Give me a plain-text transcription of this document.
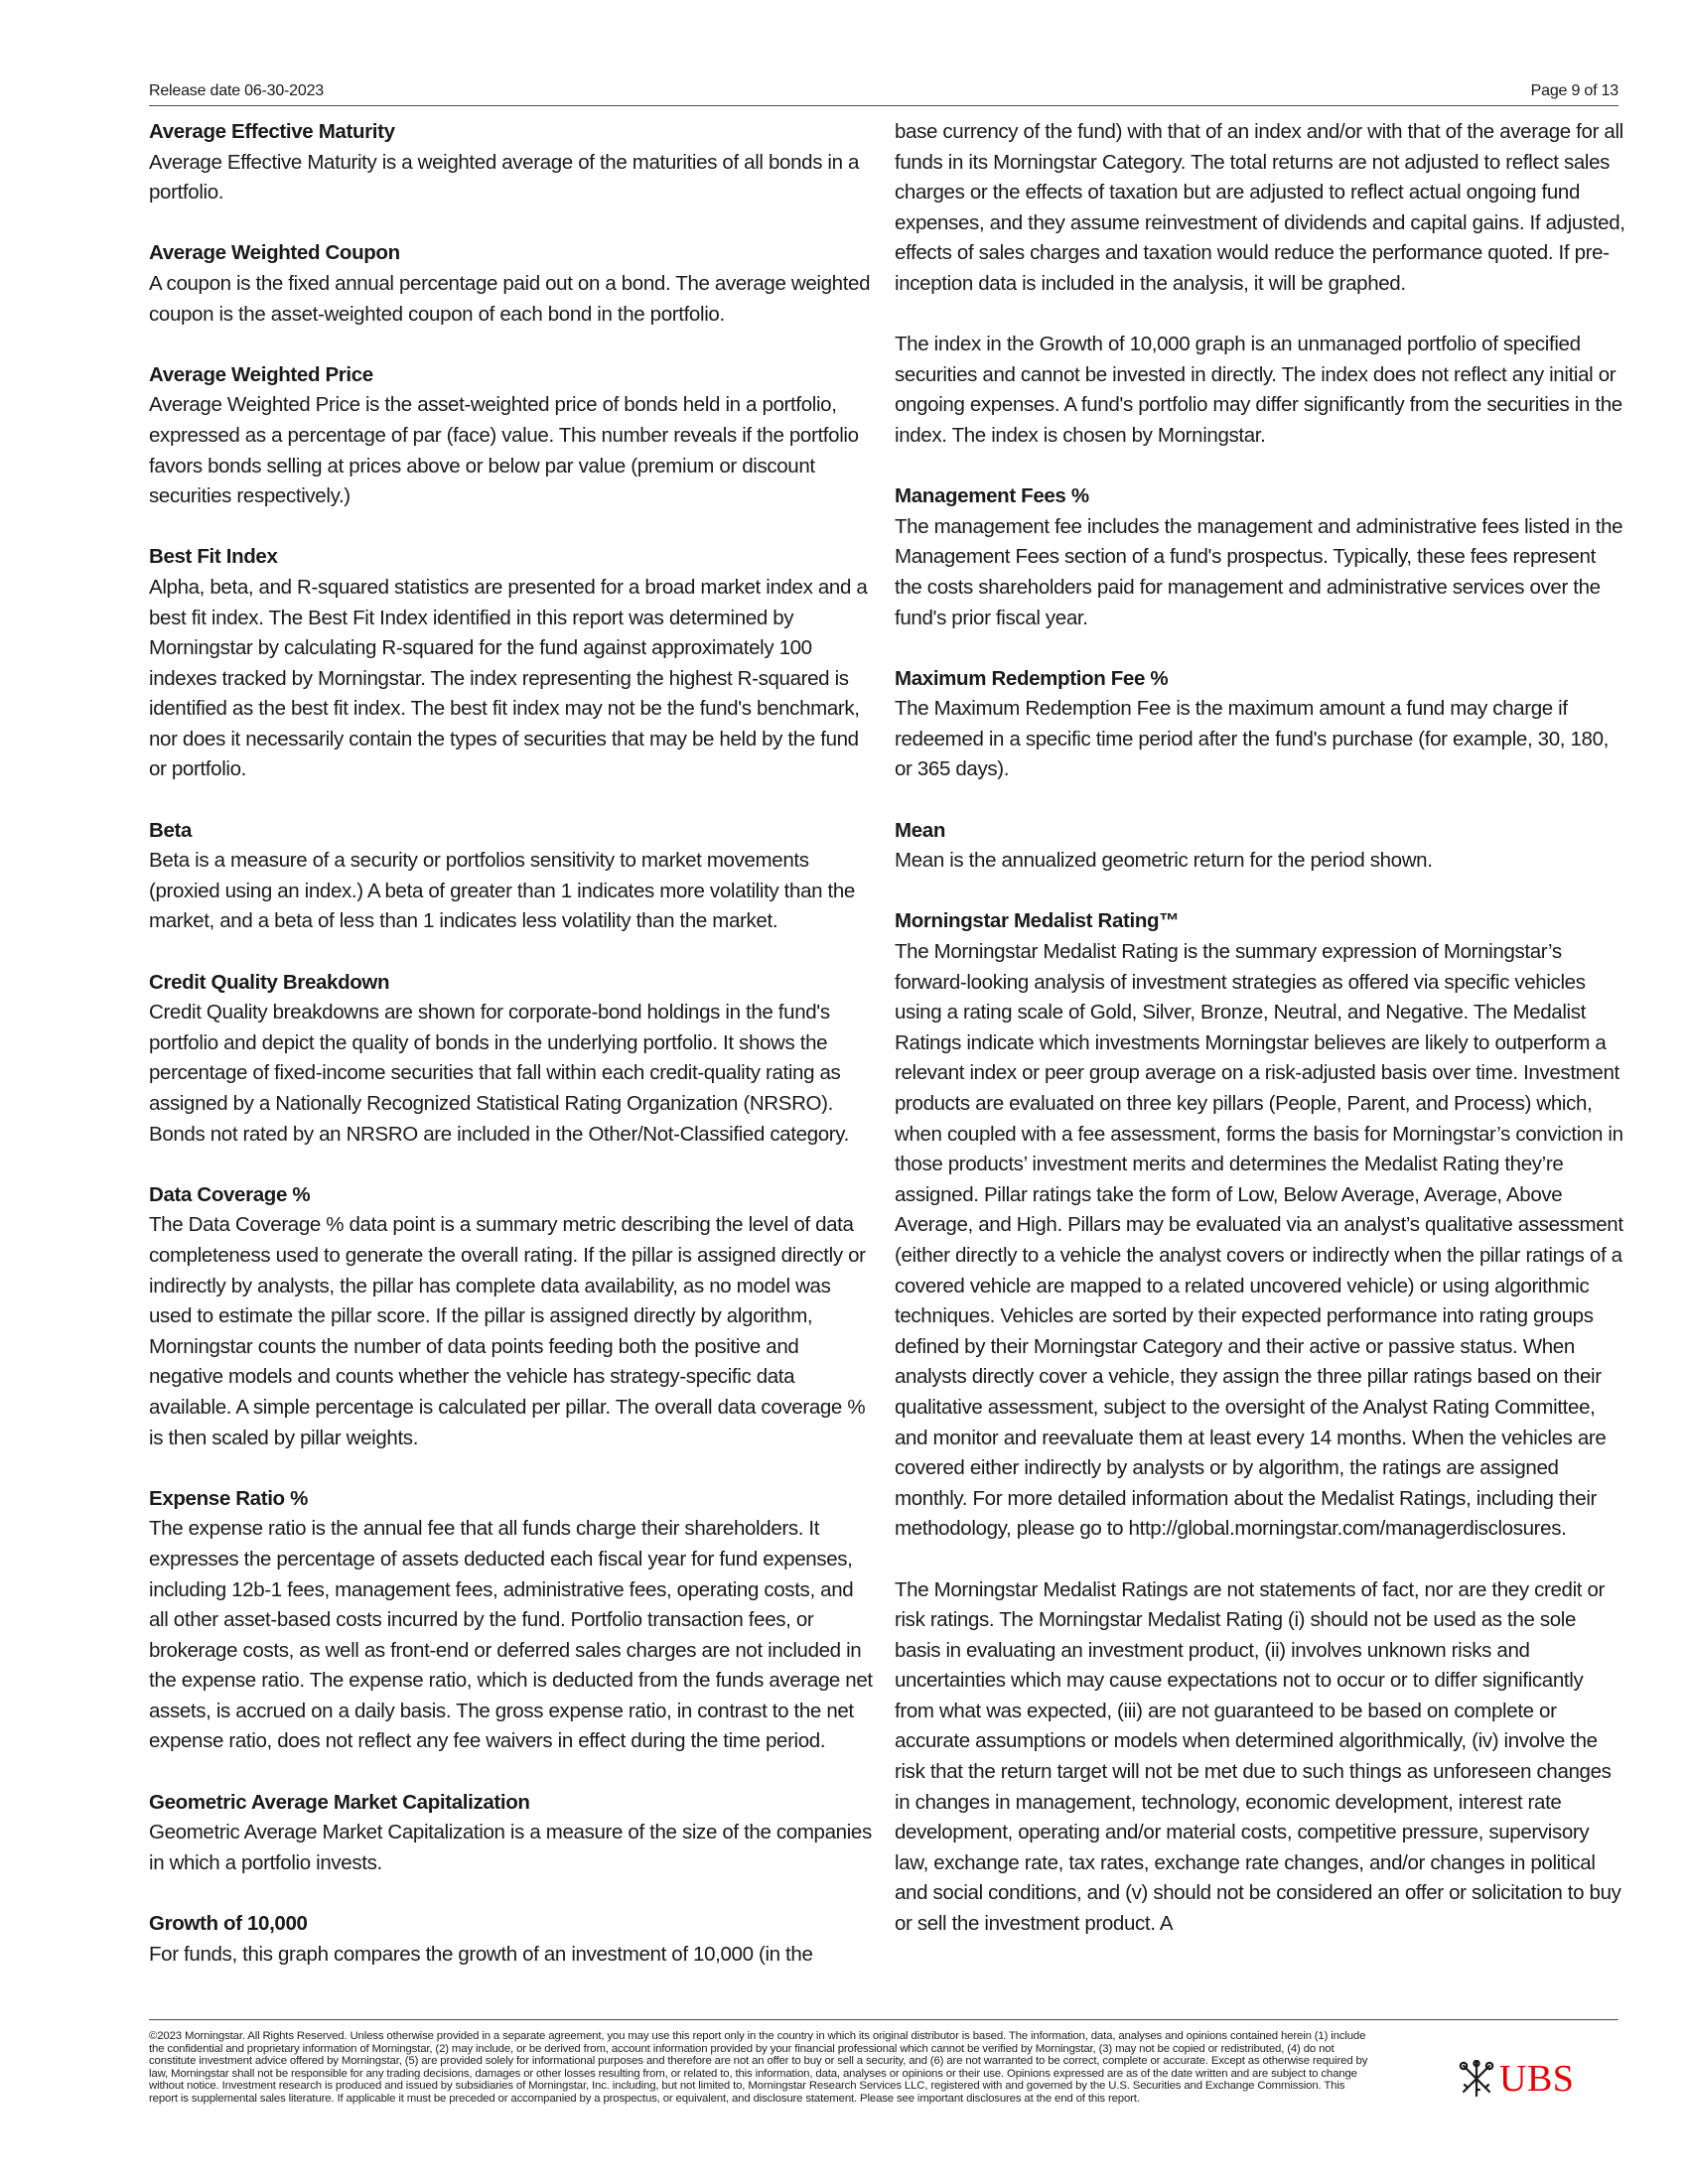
Release date 06-30-2023	Page 9 of 13
Average Effective Maturity

Average Effective Maturity is a weighted average of the maturities of all bonds in a portfolio.

Average Weighted Coupon

A coupon is the fixed annual percentage paid out on a bond. The average weighted coupon is the asset-weighted coupon of each bond in the portfolio.

Average Weighted Price

Average Weighted Price is the asset-weighted price of bonds held in a portfolio, expressed as a percentage of par (face) value. This number reveals if the portfolio favors bonds selling at prices above or below par value (premium or discount securities respectively.)

Best Fit Index

Alpha, beta, and R-squared statistics are presented for a broad market index and a best fit index. The Best Fit Index identified in this report was determined by Morningstar by calculating R-squared for the fund against approximately 100 indexes tracked by Morningstar. The index representing the highest R-squared is identified as the best fit index. The best fit index may not be the fund's benchmark, nor does it necessarily contain the types of securities that may be held by the fund or portfolio.

Beta

Beta is a measure of a security or portfolios sensitivity to market movements (proxied using an index.) A beta of greater than 1 indicates more volatility than the market, and a beta of less than 1 indicates less volatility than the market.

Credit Quality Breakdown

Credit Quality breakdowns are shown for corporate-bond holdings in the fund's portfolio and depict the quality of bonds in the underlying portfolio. It shows the percentage of fixed-income securities that fall within each credit-quality rating as assigned by a Nationally Recognized Statistical Rating Organization (NRSRO). Bonds not rated by an NRSRO are included in the Other/Not-Classified category.

Data Coverage %

The Data Coverage % data point is a summary metric describing the level of data completeness used to generate the overall rating. If the pillar is assigned directly or indirectly by analysts, the pillar has complete data availability, as no model was used to estimate the pillar score. If the pillar is assigned directly by algorithm, Morningstar counts the number of data points feeding both the positive and negative models and counts whether the vehicle has strategy-specific data available. A simple percentage is calculated per pillar. The overall data coverage % is then scaled by pillar weights.

Expense Ratio %

The expense ratio is the annual fee that all funds charge their shareholders. It expresses the percentage of assets deducted each fiscal year for fund expenses, including 12b-1 fees, management fees, administrative fees, operating costs, and all other asset-based costs incurred by the fund. Portfolio transaction fees, or brokerage costs, as well as front-end or deferred sales charges are not included in the expense ratio. The expense ratio, which is deducted from the funds average net assets, is accrued on a daily basis. The gross expense ratio, in contrast to the net expense ratio, does not reflect any fee waivers in effect during the time period.

Geometric Average Market Capitalization

Geometric Average Market Capitalization is a measure of the size of the companies in which a portfolio invests.

Growth of 10,000

For funds, this graph compares the growth of an investment of 10,000 (in the

base currency of the fund) with that of an index and/or with that of the average for all funds in its Morningstar Category. The total returns are not adjusted to reflect sales charges or the effects of taxation but are adjusted to reflect actual ongoing fund expenses, and they assume reinvestment of dividends and capital gains. If adjusted, effects of sales charges and taxation would reduce the performance quoted. If pre-inception data is included in the analysis, it will be graphed.

The index in the Growth of 10,000 graph is an unmanaged portfolio of specified securities and cannot be invested in directly. The index does not reflect any initial or ongoing expenses. A fund's portfolio may differ significantly from the securities in the index. The index is chosen by Morningstar.

Management Fees %

The management fee includes the management and administrative fees listed in the Management Fees section of a fund's prospectus. Typically, these fees represent the costs shareholders paid for management and administrative services over the fund's prior fiscal year.

Maximum Redemption Fee %

The Maximum Redemption Fee is the maximum amount a fund may charge if redeemed in a specific time period after the fund's purchase (for example, 30, 180, or 365 days).

Mean

Mean is the annualized geometric return for the period shown.

Morningstar Medalist Rating™

The Morningstar Medalist Rating is the summary expression of Morningstar’s forward-looking analysis of investment strategies as offered via specific vehicles using a rating scale of Gold, Silver, Bronze, Neutral, and Negative. The Medalist Ratings indicate which investments Morningstar believes are likely to outperform a relevant index or peer group average on a risk-adjusted basis over time. Investment products are evaluated on three key pillars (People, Parent, and Process) which, when coupled with a fee assessment, forms the basis for Morningstar’s conviction in those products’ investment merits and determines the Medalist Rating they’re assigned. Pillar ratings take the form of Low, Below Average, Average, Above Average, and High. Pillars may be evaluated via an analyst’s qualitative assessment (either directly to a vehicle the analyst covers or indirectly when the pillar ratings of a covered vehicle are mapped to a related uncovered vehicle) or using algorithmic techniques. Vehicles are sorted by their expected performance into rating groups defined by their Morningstar Category and their active or passive status. When analysts directly cover a vehicle, they assign the three pillar ratings based on their qualitative assessment, subject to the oversight of the Analyst Rating Committee, and monitor and reevaluate them at least every 14 months. When the vehicles are covered either indirectly by analysts or by algorithm, the ratings are assigned monthly. For more detailed information about the Medalist Ratings, including their methodology, please go to http://global.morningstar.com/managerdisclosures.

The Morningstar Medalist Ratings are not statements of fact, nor are they credit or risk ratings. The Morningstar Medalist Rating (i) should not be used as the sole basis in evaluating an investment product, (ii) involves unknown risks and uncertainties which may cause expectations not to occur or to differ significantly from what was expected, (iii) are not guaranteed to be based on complete or accurate assumptions or models when determined algorithmically, (iv) involve the risk that the return target will not be met due to such things as unforeseen changes in changes in management, technology, economic development, interest rate development, operating and/or material costs, competitive pressure, supervisory law, exchange rate, tax rates, exchange rate changes, and/or changes in political and social conditions, and (v) should not be considered an offer or solicitation to buy or sell the investment product. A

©2023 Morningstar. All Rights Reserved. Unless otherwise provided in a separate agreement, you may use this report only in the country in which its original distributor is based. The information, data, analyses and opinions contained herein (1) include the confidential and proprietary information of Morningstar, (2) may include, or be derived from, account information provided by your financial professional which cannot be verified by Morningstar, (3) may not be copied or redistributed, (4) do not constitute investment advice offered by Morningstar, (5) are provided solely for informational purposes and therefore are not an offer to buy or sell a security, and (6) are not warranted to be correct, complete or accurate. Except as otherwise required by law, Morningstar shall not be responsible for any trading decisions, damages or other losses resulting from, or related to, this information, data, analyses or opinions or their use. Opinions expressed are as of the date written and are subject to change without notice. Investment research is produced and issued by subsidiaries of Morningstar, Inc. including, but not limited to, Morningstar Research Services LLC, registered with and governed by the U.S. Securities and Exchange Commission. This report is supplemental sales literature. If applicable it must be preceded or accompanied by a prospectus, or equivalent, and disclosure statement. Please see important disclosures at the end of this report.	UBS
